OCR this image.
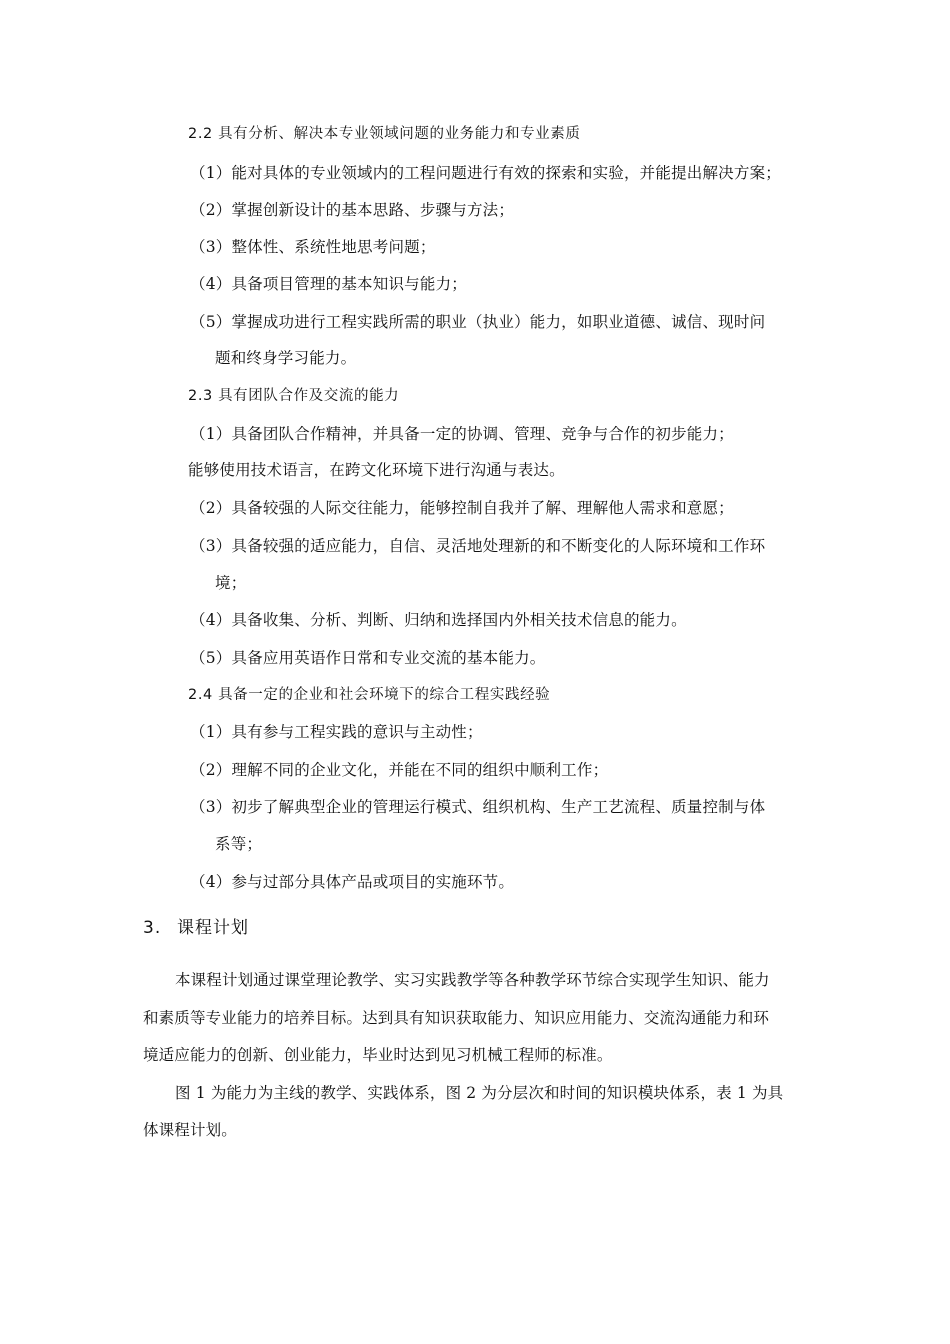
2.2 具有分析、解决本专业领域问题的业务能力和专业素质
（1）能对具体的专业领域内的工程问题进行有效的探索和实验，并能提出解决方案；
（2）掌握创新设计的基本思路、步骤与方法；
（3）整体性、系统性地思考问题；
（4）具备项目管理的基本知识与能力；
（5）掌握成功进行工程实践所需的职业（执业）能力，如职业道德、诚信、现时问
题和终身学习能力。
2.3 具有团队合作及交流的能力
（1）具备团队合作精神，并具备一定的协调、管理、竞争与合作的初步能力；
能够使用技术语言，在跨文化环境下进行沟通与表达。
（2）具备较强的人际交往能力，能够控制自我并了解、理解他人需求和意愿；
（3）具备较强的适应能力，自信、灵活地处理新的和不断变化的人际环境和工作环
境；
（4）具备收集、分析、判断、归纳和选择国内外相关技术信息的能力。
（5）具备应用英语作日常和专业交流的基本能力。
2.4 具备一定的企业和社会环境下的综合工程实践经验
（1）具有参与工程实践的意识与主动性；
（2）理解不同的企业文化，并能在不同的组织中顺利工作；
（3）初步了解典型企业的管理运行模式、组织机构、生产工艺流程、质量控制与体
系等；
（4）参与过部分具体产品或项目的实施环节。
3. 课程计划
本课程计划通过课堂理论教学、实习实践教学等各种教学环节综合实现学生知识、能力
和素质等专业能力的培养目标。达到具有知识获取能力、知识应用能力、交流沟通能力和环
境适应能力的创新、创业能力，毕业时达到见习机械工程师的标准。
图 1 为能力为主线的教学、实践体系，图 2 为分层次和时间的知识模块体系，表 1 为具
体课程计划。
